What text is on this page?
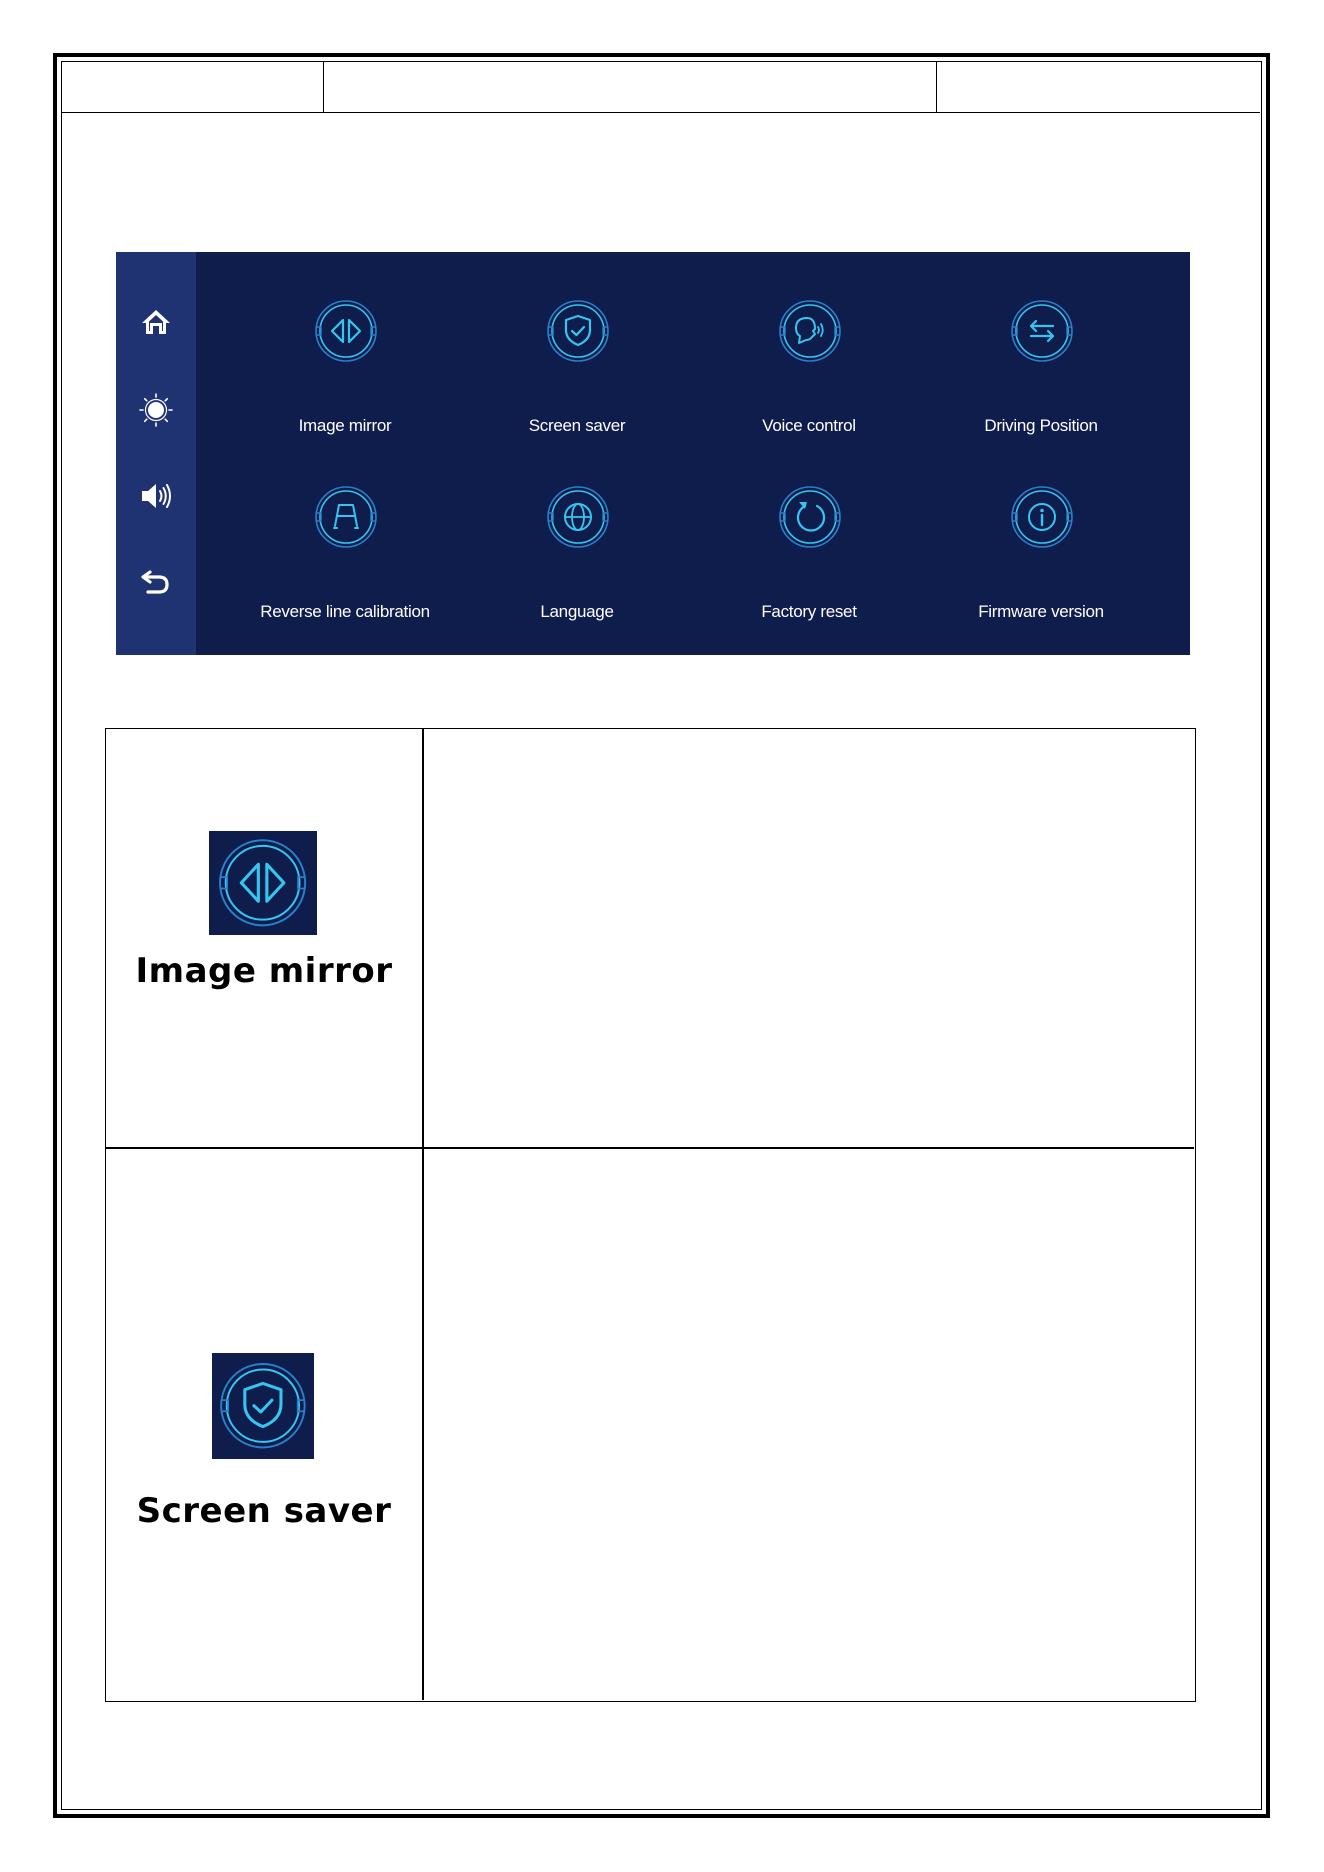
Image mirror	Screen saver	Voice control	Driving Position
Reverse line calibration	Language	Factory reset	Firmware version
Image mirror
Screen saver
